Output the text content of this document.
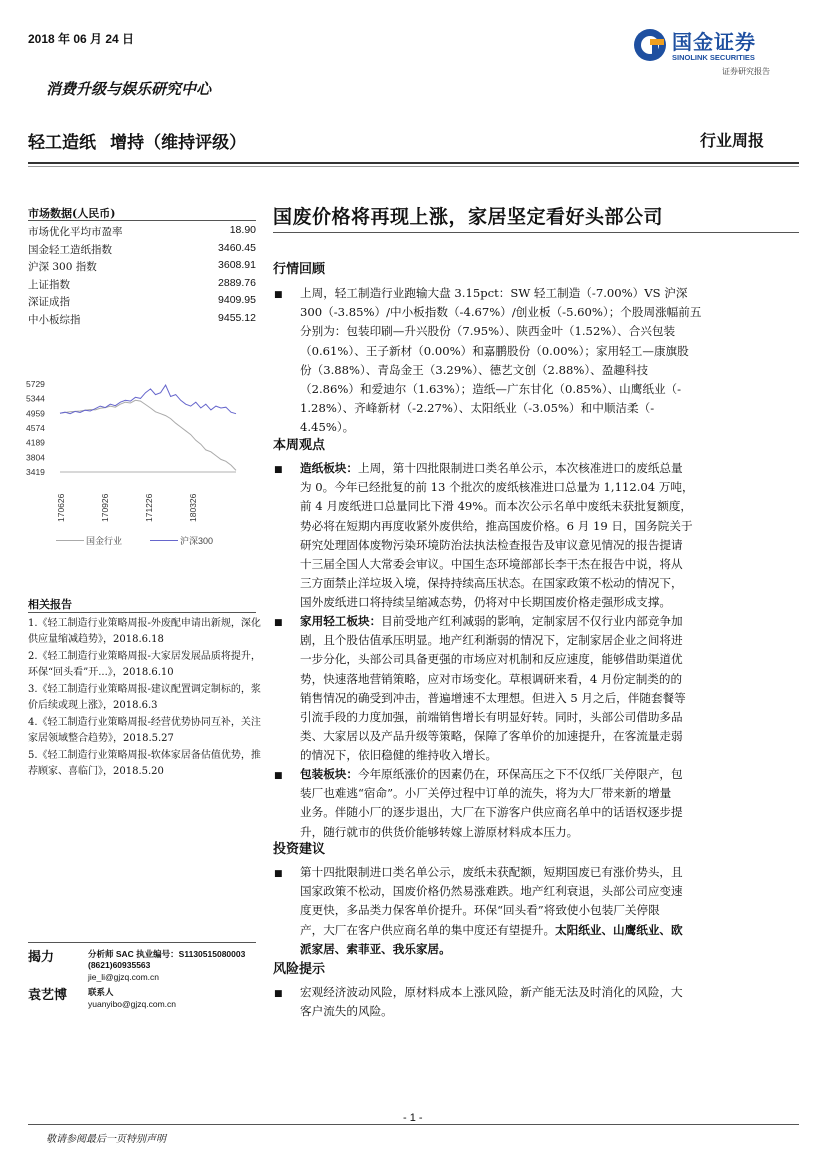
2018 年 06 月 24 日
消费升级与娱乐研究中心
轻工造纸 增持（维持评级）	行业周报
国金证券
SINOLINK SECURITIES
证券研究报告
市场数据(人民币)
市场优化平均市盈率	18.90
国金轻工造纸指数	3460.45
沪深 300 指数	3608.91
上证指数	2889.76
深证成指	9409.95
中小板综指	9455.12
5729
5344
4959
4574
4189
3804
3419
170626	170926	171226	180326
国金行业	沪深300
相关报告
1.《轻工制造行业策略周报-外废配申请出新规，深化供应量缩减趋势》，2018.6.18
2.《轻工制造行业策略周报-大家居发展品质将提升，环保“回头看”开...》，2018.6.10
3.《轻工制造行业策略周报-建议配置调定制标的，浆价后续或现上涨》，2018.6.3
4.《轻工制造行业策略周报-经营优势协同互补，关注家居领域整合趋势》，2018.5.27
5.《轻工制造行业策略周报-软体家居备估值优势，推荐顾家、喜临门》，2018.5.20
揭力	分析师 SAC 执业编号：S1130515080003
(8621)60935563
jie_li@gjzq.com.cn
袁艺博 联系人
yuanyibo@gjzq.com.cn
国废价格将再现上涨，家居坚定看好头部公司
行情回顾
■ 上周，轻工制造行业跑输大盘 3.15pct：SW 轻工制造（-7.00%）VS 沪深
300（-3.85%）/中小板指数（-4.67%）/创业板（-5.60%）；个股周涨幅前五
分别为：包装印刷—升兴股份（7.95%）、陕西金叶（1.52%）、合兴包装
（0.61%）、王子新材（0.00%）和嘉鹏股份（0.00%）；家用轻工—康旗股
份（3.88%）、青岛金王（3.29%）、德艺文创（2.88%）、盈趣科技
（2.86%）和爱迪尔（1.63%）；造纸—广东甘化（0.85%）、山鹰纸业（-
1.28%）、齐峰新材（-2.27%）、太阳纸业（-3.05%）和中顺洁柔（-
4.45%）。
本周观点
■ 造纸板块：上周，第十四批限制进口类名单公示，本次核准进口的废纸总量
为 0。今年已经批复的前 13 个批次的废纸核准进口总量为 1,112.04 万吨，
前 4 月废纸进口总量同比下滑 49%。而本次公示名单中废纸未获批复额度，
势必将在短期内再度收紧外废供给，推高国废价格。6 月 19 日，国务院关于
研究处理固体废物污染环境防治法执法检查报告及审议意见情况的报告提请
十三届全国人大常委会审议。中国生态环境部部长李干杰在报告中说，将从
三方面禁止洋垃圾入境，保持持续高压状态。在国家政策不松动的情况下，
国外废纸进口将持续呈缩减态势，仍将对中长期国废价格走强形成支撑。
■ 家用轻工板块：目前受地产红利减弱的影响，定制家居不仅行业内部竞争加
剧，且个股估值承压明显。地产红利渐弱的情况下，定制家居企业之间将进
一步分化，头部公司具备更强的市场应对机制和反应速度，能够借助渠道优
势，快速落地营销策略，应对市场变化。草根调研来看，4 月份定制类的的
销售情况的确受到冲击，普遍增速不太理想。但进入 5 月之后，伴随套餐等
引流手段的力度加强，前端销售增长有明显好转。同时，头部公司借助多品
类、大家居以及产品升级等策略，保障了客单价的加速提升，在客流量走弱
的情况下，依旧稳健的维持收入增长。
■ 包装板块：今年原纸涨价的因素仍在，环保高压之下不仅纸厂关停限产，包
装厂也难逃“宿命”。小厂关停过程中订单的流失，将为大厂带来新的增量
业务。伴随小厂的逐步退出，大厂在下游客户供应商名单中的话语权逐步提
升，随行就市的供货价能够转嫁上游原材料成本压力。
投资建议
■ 第十四批限制进口类名单公示，废纸未获配额，短期国废已有涨价势头，且
国家政策不松动，国废价格仍然易涨难跌。地产红利衰退，头部公司应变速
度更快，多品类力保客单价提升。环保“回头看”将致使小包装厂关停限
产，大厂在客户供应商名单的集中度还有望提升。太阳纸业、山鹰纸业、欧
派家居、索菲亚、我乐家居。
风险提示
■ 宏观经济波动风险，原材料成本上涨风险，新产能无法及时消化的风险，大
客户流失的风险。
- 1 -
敬请参阅最后一页特别声明
